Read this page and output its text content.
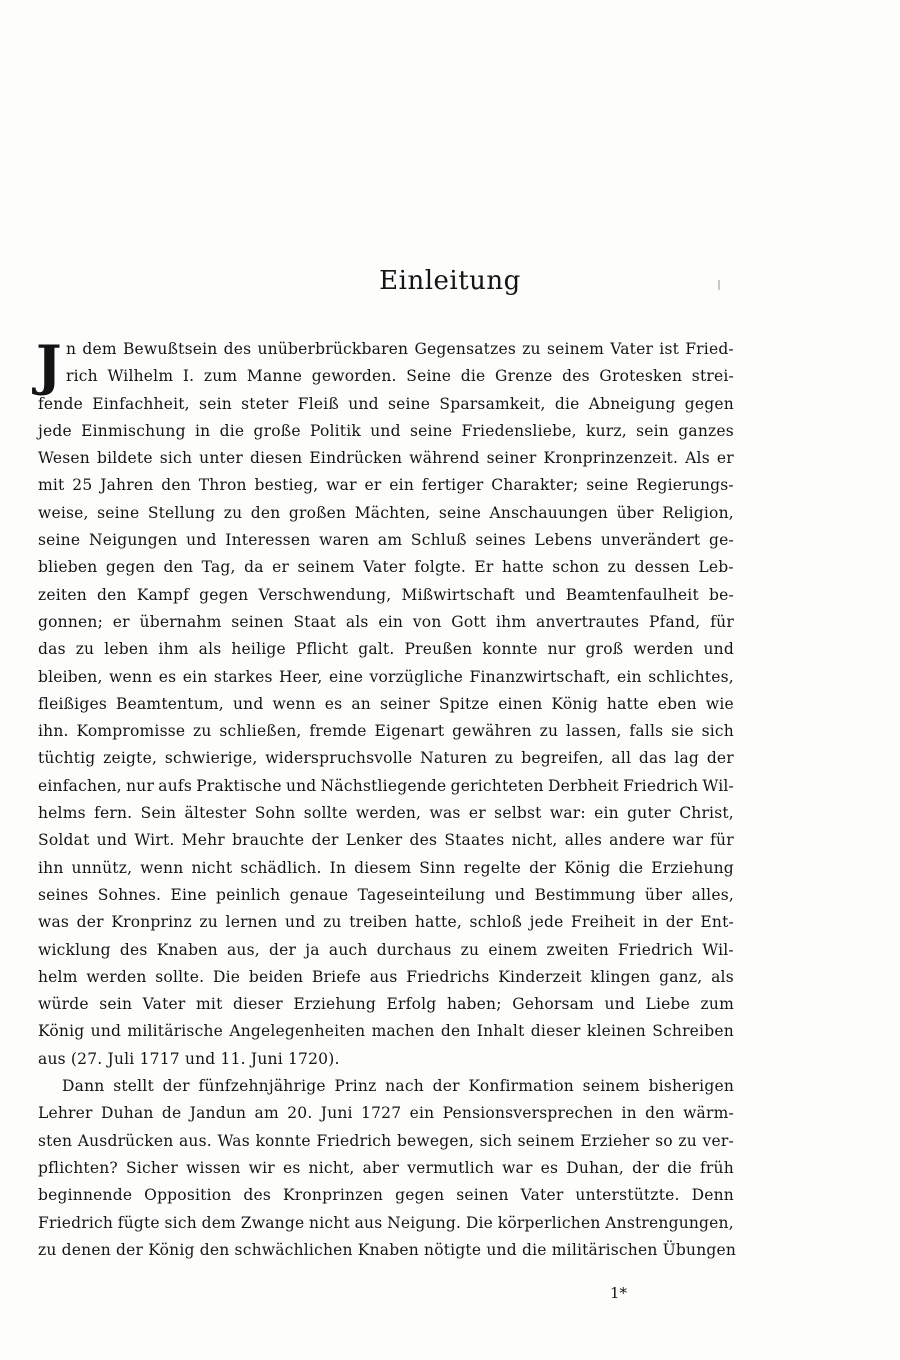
Einleitung
J n dem Bewußtsein des unüberbrückbaren Gegensatzes zu seinem Vater ist Fried-
rich Wilhelm I. zum Manne geworden. Seine die Grenze des Grotesken strei-
fende Einfachheit, sein steter Fleiß und seine Sparsamkeit, die Abneigung gegen
jede Einmischung in die große Politik und seine Friedensliebe, kurz, sein ganzes
Wesen bildete sich unter diesen Eindrücken während seiner Kronprinzenzeit. Als er
mit 25 Jahren den Thron bestieg, war er ein fertiger Charakter; seine Regierungs-
weise, seine Stellung zu den großen Mächten, seine Anschauungen über Religion,
seine Neigungen und Interessen waren am Schluß seines Lebens unverändert ge-
blieben gegen den Tag, da er seinem Vater folgte. Er hatte schon zu dessen Leb-
zeiten den Kampf gegen Verschwendung, Mißwirtschaft und Beamtenfaulheit be-
gonnen; er übernahm seinen Staat als ein von Gott ihm anvertrautes Pfand, für
das zu leben ihm als heilige Pflicht galt. Preußen konnte nur groß werden und
bleiben, wenn es ein starkes Heer, eine vorzügliche Finanzwirtschaft, ein schlichtes,
fleißiges Beamtentum, und wenn es an seiner Spitze einen König hatte eben wie
ihn. Kompromisse zu schließen, fremde Eigenart gewähren zu lassen, falls sie sich
tüchtig zeigte, schwierige, widerspruchsvolle Naturen zu begreifen, all das lag der
einfachen, nur aufs Praktische und Nächstliegende gerichteten Derbheit Friedrich Wil-
helms fern. Sein ältester Sohn sollte werden, was er selbst war: ein guter Christ,
Soldat und Wirt. Mehr brauchte der Lenker des Staates nicht, alles andere war für
ihn unnütz, wenn nicht schädlich. In diesem Sinn regelte der König die Erziehung
seines Sohnes. Eine peinlich genaue Tageseinteilung und Bestimmung über alles,
was der Kronprinz zu lernen und zu treiben hatte, schloß jede Freiheit in der Ent-
wicklung des Knaben aus, der ja auch durchaus zu einem zweiten Friedrich Wil-
helm werden sollte. Die beiden Briefe aus Friedrichs Kinderzeit klingen ganz, als
würde sein Vater mit dieser Erziehung Erfolg haben; Gehorsam und Liebe zum
König und militärische Angelegenheiten machen den Inhalt dieser kleinen Schreiben
aus (27. Juli 1717 und 11. Juni 1720).
Dann stellt der fünfzehnjährige Prinz nach der Konfirmation seinem bisherigen
Lehrer Duhan de Jandun am 20. Juni 1727 ein Pensionsversprechen in den wärm-
sten Ausdrücken aus. Was konnte Friedrich bewegen, sich seinem Erzieher so zu ver-
pflichten? Sicher wissen wir es nicht, aber vermutlich war es Duhan, der die früh
beginnende Opposition des Kronprinzen gegen seinen Vater unterstützte. Denn
Friedrich fügte sich dem Zwange nicht aus Neigung. Die körperlichen Anstrengungen,
zu denen der König den schwächlichen Knaben nötigte und die militärischen Übungen
1*
